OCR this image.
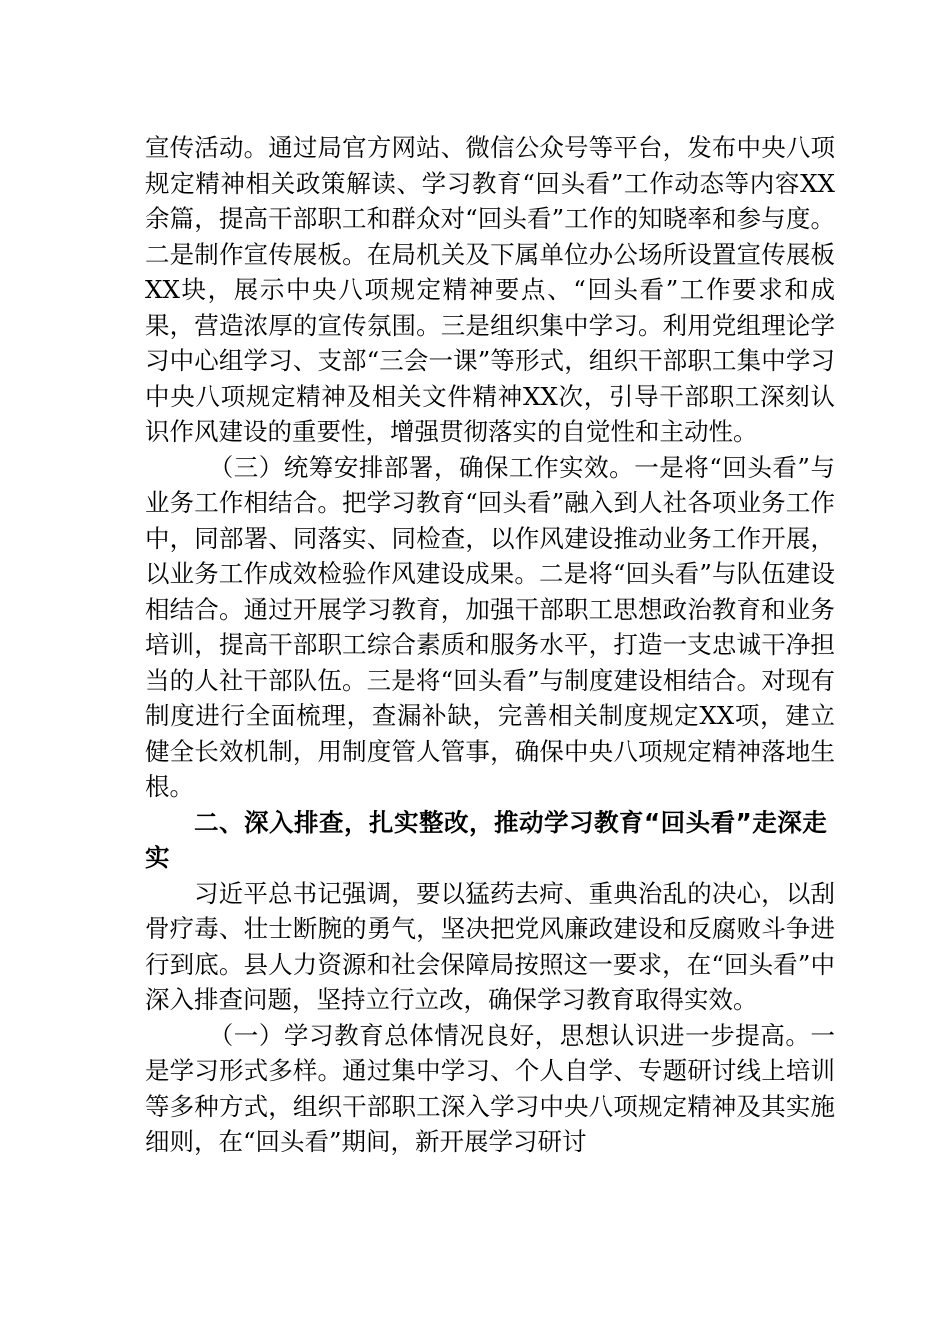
宣传活动。通过局官方网站、微信公众号等平台，发布中央八项规定精神相关政策解读、学习教育“回头看”工作动态等内容XX余篇，提高干部职工和群众对“回头看”工作的知晓率和参与度。二是制作宣传展板。在局机关及下属单位办公场所设置宣传展板XX块，展示中央八项规定精神要点、“回头看”工作要求和成果，营造浓厚的宣传氛围。三是组织集中学习。利用党组理论学习中心组学习、支部“三会一课”等形式，组织干部职工集中学习中央八项规定精神及相关文件精神XX次，引导干部职工深刻认识作风建设的重要性，增强贯彻落实的自觉性和主动性。

（三）统筹安排部署，确保工作实效。一是将“回头看”与业务工作相结合。把学习教育“回头看”融入到人社各项业务工作中，同部署、同落实、同检查，以作风建设推动业务工作开展，以业务工作成效检验作风建设成果。二是将“回头看”与队伍建设相结合。通过开展学习教育，加强干部职工思想政治教育和业务培训，提高干部职工综合素质和服务水平，打造一支忠诚干净担当的人社干部队伍。三是将“回头看”与制度建设相结合。对现有制度进行全面梳理，查漏补缺，完善相关制度规定XX项，建立健全长效机制，用制度管人管事，确保中央八项规定精神落地生根。

二、深入排查，扎实整改，推动学习教育“回头看”走深走实

习近平总书记强调，要以猛药去疴、重典治乱的决心，以刮骨疗毒、壮士断腕的勇气，坚决把党风廉政建设和反腐败斗争进行到底。县人力资源和社会保障局按照这一要求，在“回头看”中深入排查问题，坚持立行立改，确保学习教育取得实效。

（一）学习教育总体情况良好，思想认识进一步提高。一是学习形式多样。通过集中学习、个人自学、专题研讨线上培训等多种方式，组织干部职工深入学习中央八项规定精神及其实施细则，在“回头看”期间，新开展学习研讨
